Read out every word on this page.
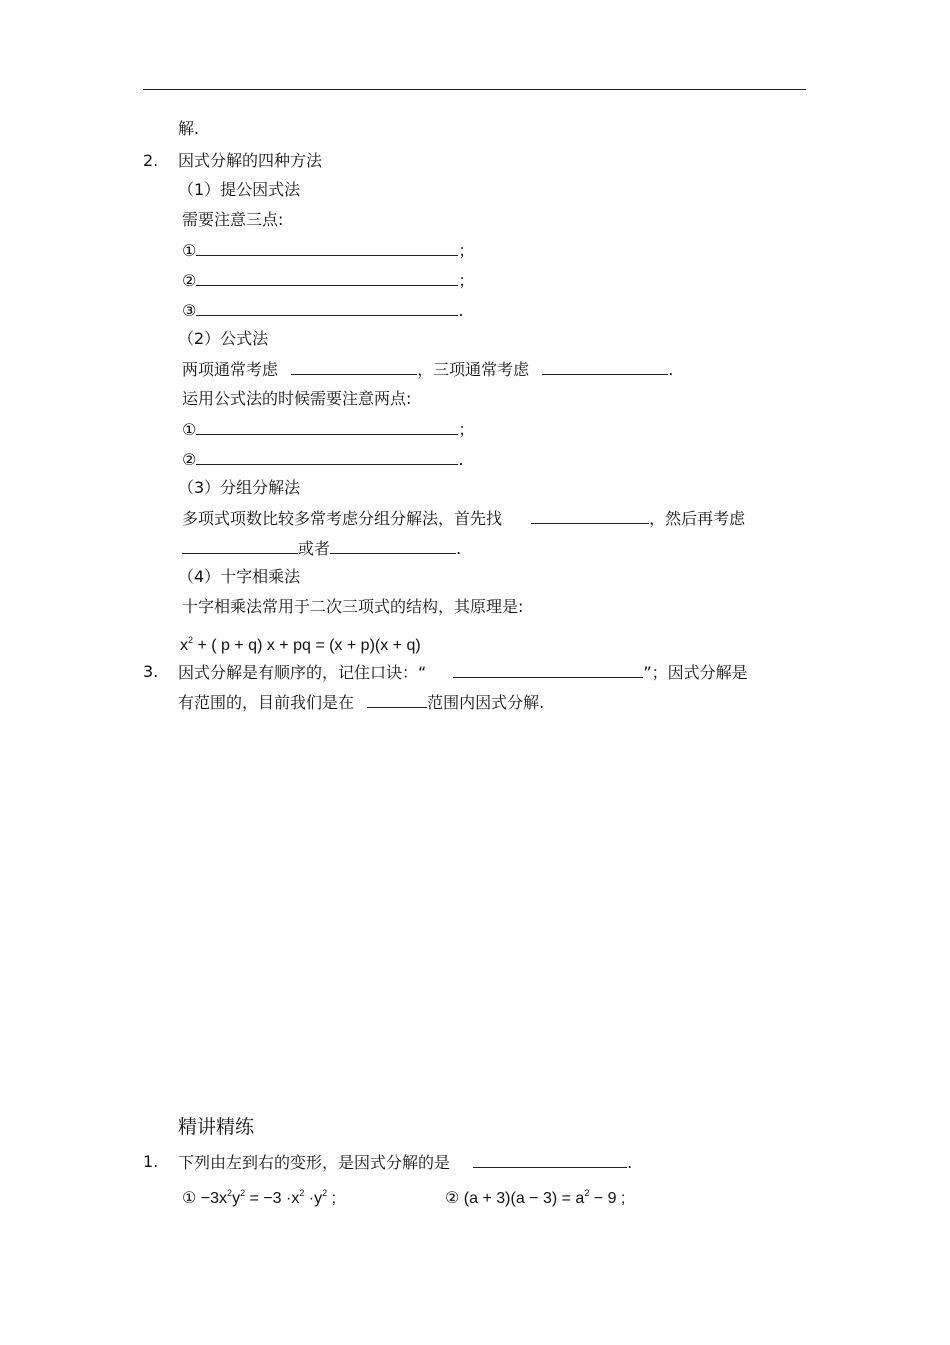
解.
2. 因式分解的四种方法
（1）提公因式法
需要注意三点:
①	；
②	；
③	.
（2）公式法
两项通常考虑	，三项通常考虑	.
运用公式法的时候需要注意两点:
①	；
②	.
（3）分组分解法
多项式项数比较多常考虑分组分解法，首先找	，然后再考虑
或者	.
（4）十字相乘法
十字相乘法常用于二次三项式的结构，其原理是:
$x^2$ + ( p + q) x + pq = (x + p)(x + q)
3. 因式分解是有顺序的，记住口诀：“	”；因式分解是
有范围的，目前我们是在	范围内因式分解.
精讲精练
1. 下列由左到右的变形，是因式分解的是	.
① $-3x^2y^2 = -3 \cdot x^2 \cdot y^2$ ;	② $(a + 3)(a - 3) = a^2 - 9$ ;
